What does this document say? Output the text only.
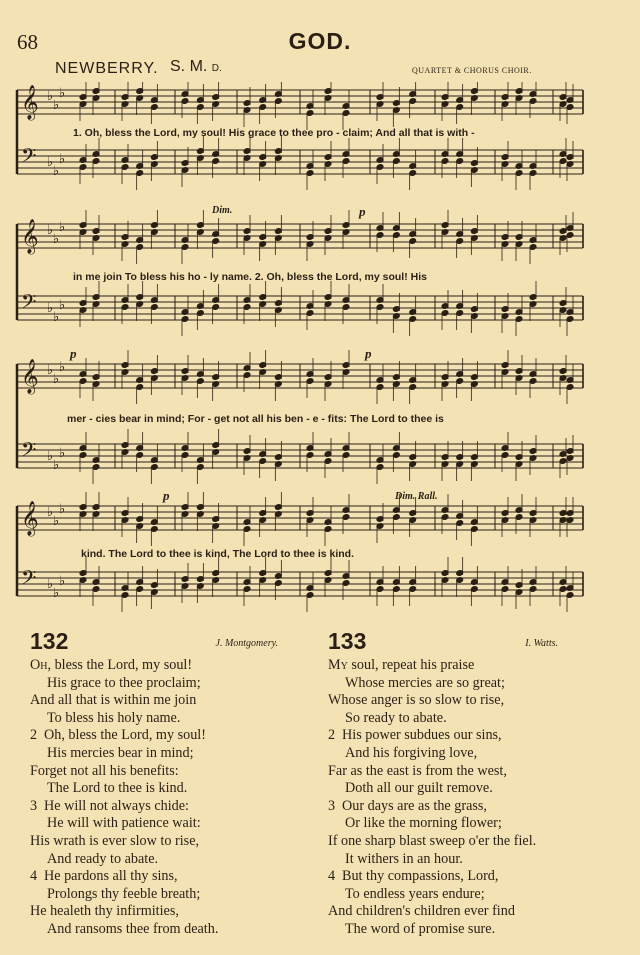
68	GOD.
NEWBERRY. S. M. D.	QUARTET & CHORUS CHOIR.
𝄞
𝄢
♭
♭
♭
♭
♭
♭
1. Oh, bless the Lord, my soul! His grace to thee pro - claim; And all that is with -
𝄞
𝄢
♭
♭
♭
♭
♭
♭
Dim.	p
in me join To bless his ho - ly name. 2. Oh, bless the Lord, my soul! His
𝄞
𝄢
♭
♭
♭
♭
♭
♭
p	p
mer - cies bear in mind; For - get not all his ben - e - fits: The Lord to thee is
𝄞
𝄢
♭
♭
♭
♭
♭
♭
p	Dim. Rall.
kind. The Lord to thee is kind, The Lord to thee is kind.
J. Montgomery.
132
Oh, bless the Lord, my soul!
His grace to thee proclaim;
And all that is within me join
To bless his holy name.
2 Oh, bless the Lord, my soul!
His mercies bear in mind;
Forget not all his benefits:
The Lord to thee is kind.
3 He will not always chide:
He will with patience wait:
His wrath is ever slow to rise,
And ready to abate.
4 He pardons all thy sins,
Prolongs thy feeble breath;
He healeth thy infirmities,
And ransoms thee from death.
I. Watts.
133
My soul, repeat his praise
Whose mercies are so great;
Whose anger is so slow to rise,
So ready to abate.
2 His power subdues our sins,
And his forgiving love,
Far as the east is from the west,
Doth all our guilt remove.
3 Our days are as the grass,
Or like the morning flower;
If one sharp blast sweep o'er the fiel.
It withers in an hour.
4 But thy compassions, Lord,
To endless years endure;
And children's children ever find
The word of promise sure.
